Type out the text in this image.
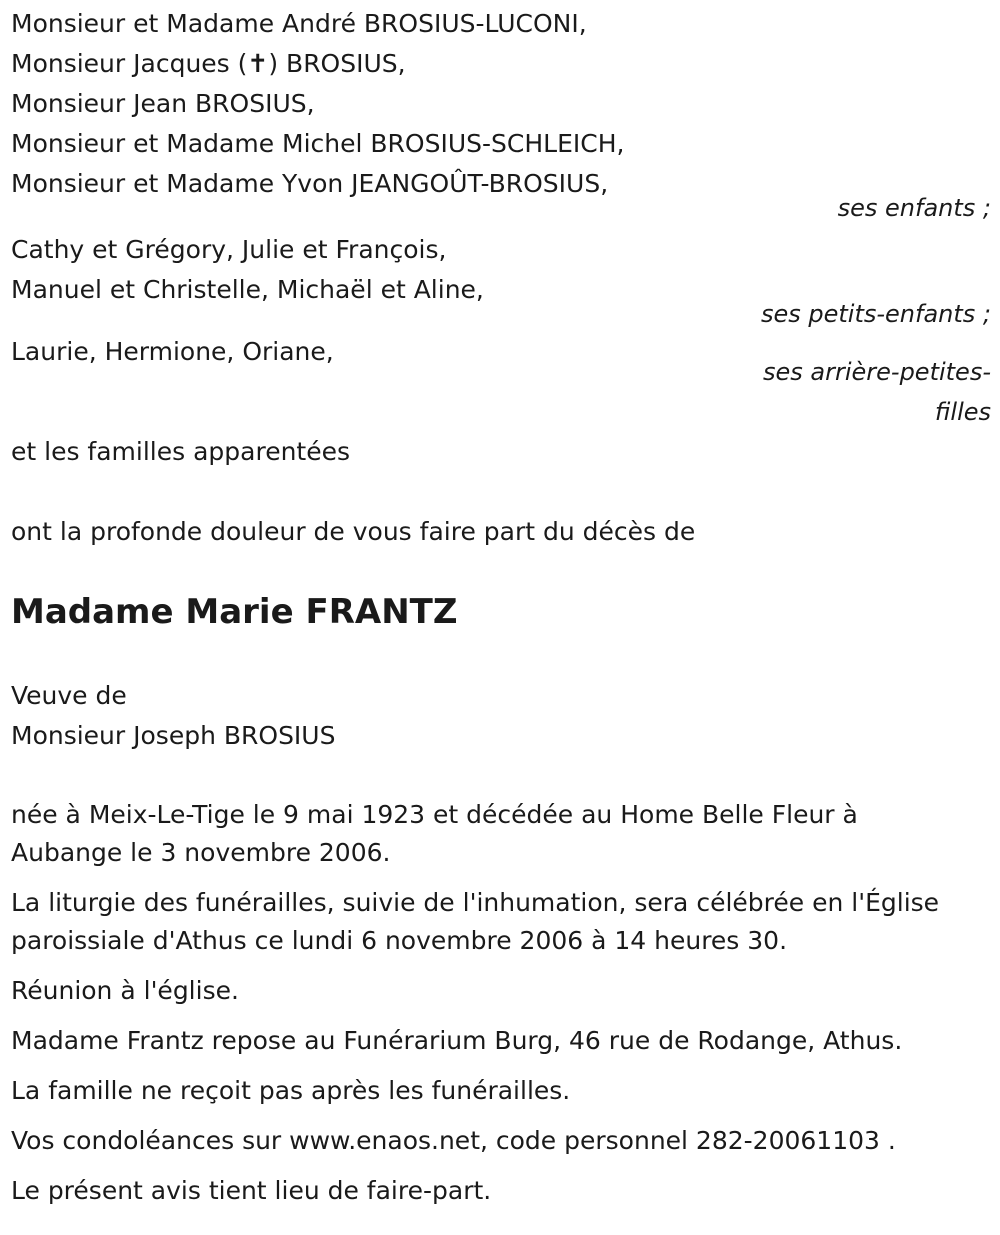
Monsieur et Madame André BROSIUS-LUCONI,
Monsieur Jacques (✝) BROSIUS,
Monsieur Jean BROSIUS,
Monsieur et Madame Michel BROSIUS-SCHLEICH,
Monsieur et Madame Yvon JEANGOÛT-BROSIUS,
ses enfants ;
Cathy et Grégory, Julie et François,
Manuel et Christelle, Michaël et Aline,
ses petits-enfants ;
Laurie, Hermione, Oriane,
ses arrière-petites-
filles
et les familles apparentées
ont la profonde douleur de vous faire part du décès de
Madame Marie FRANTZ
Veuve de
Monsieur Joseph BROSIUS
née à Meix-Le-Tige le 9 mai 1923 et décédée au Home Belle Fleur à
Aubange le 3 novembre 2006.
La liturgie des funérailles, suivie de l'inhumation, sera célébrée en l'Église
paroissiale d'Athus ce lundi 6 novembre 2006 à 14 heures 30.
Réunion à l'église.
Madame Frantz repose au Funérarium Burg, 46 rue de Rodange, Athus.
La famille ne reçoit pas après les funérailles.
Vos condoléances sur www.enaos.net, code personnel 282-20061103 .
Le présent avis tient lieu de faire-part.
